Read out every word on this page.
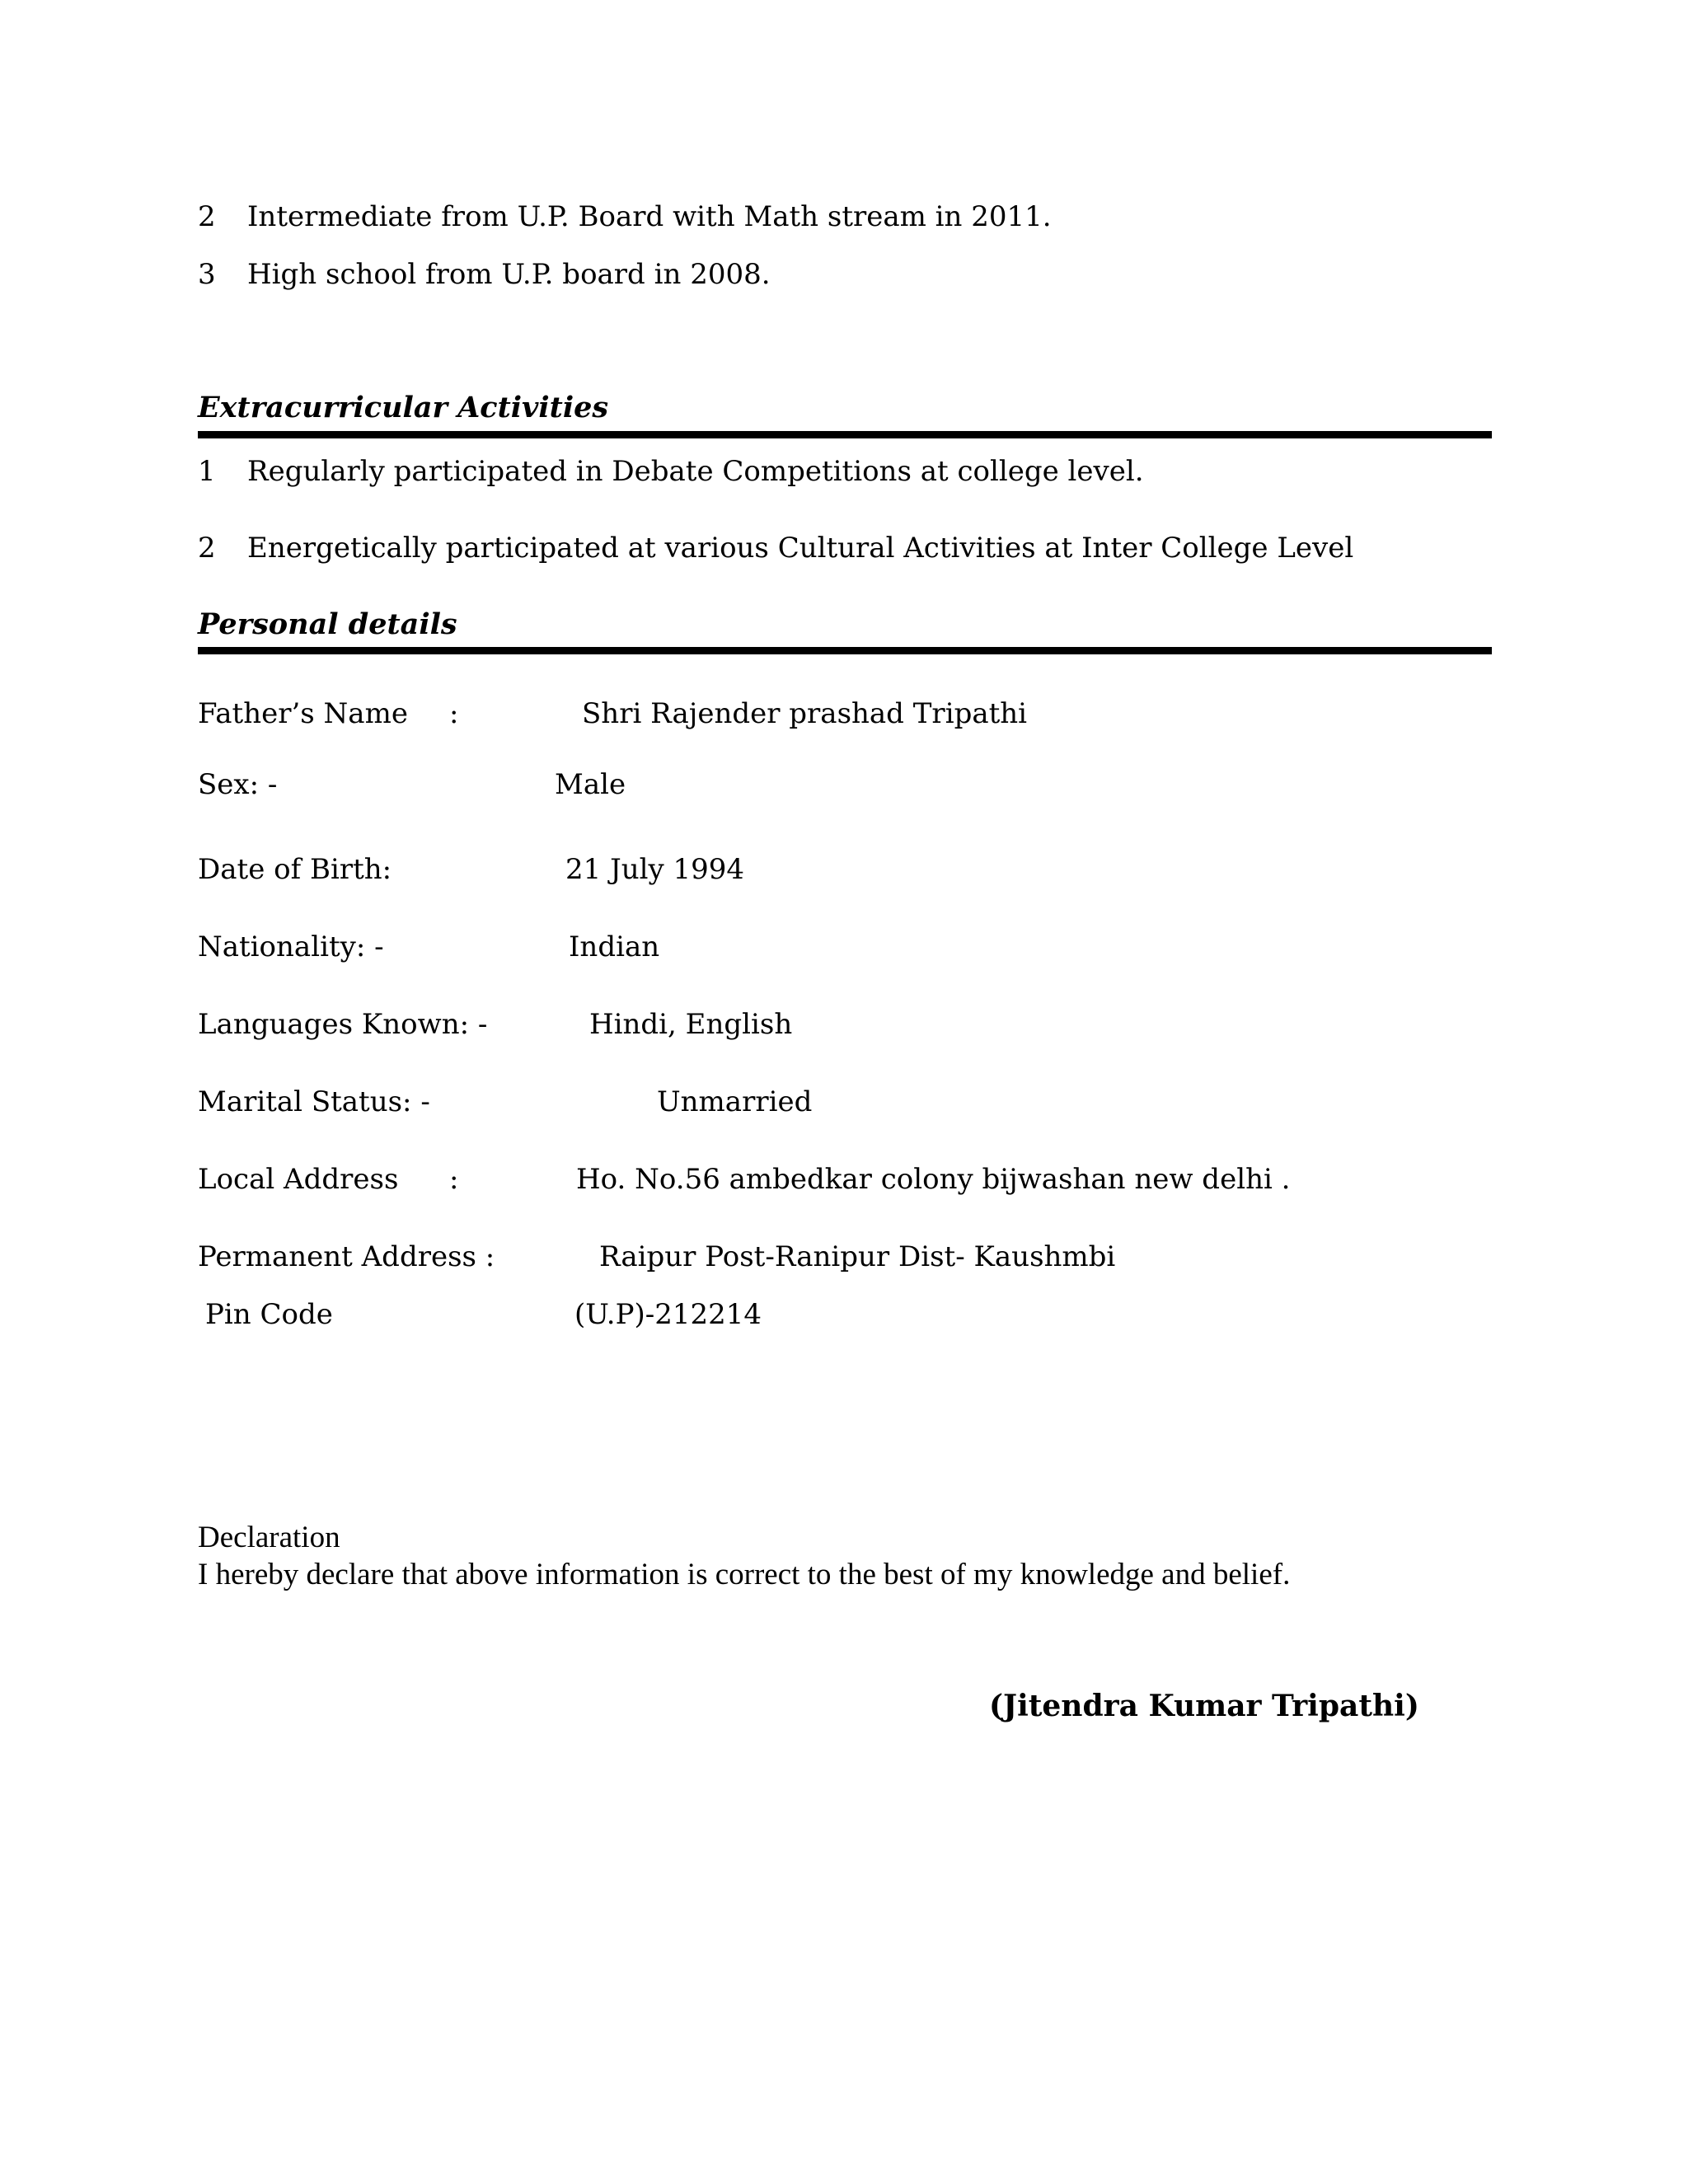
2 Intermediate from U.P. Board with Math stream in 2011.
3 High school from U.P. board in 2008.
Extracurricular Activities
1 Regularly participated in Debate Competitions at college level.
2 Energetically participated at various Cultural Activities at Inter College Level
Personal details
Father’s Name :	Shri Rajender prashad Tripathi
Sex: -	Male
Date of Birth:	21 July 1994
Nationality: -	Indian
Languages Known: -	Hindi, English
Marital Status: -	Unmarried
Local Address :	Ho. No.56 ambedkar colony bijwashan new delhi .
Permanent Address :	Raipur Post-Ranipur Dist- Kaushmbi
Pin Code	(U.P)-212214
Declaration
I hereby declare that above information is correct to the best of my knowledge and belief.
(Jitendra Kumar Tripathi)
